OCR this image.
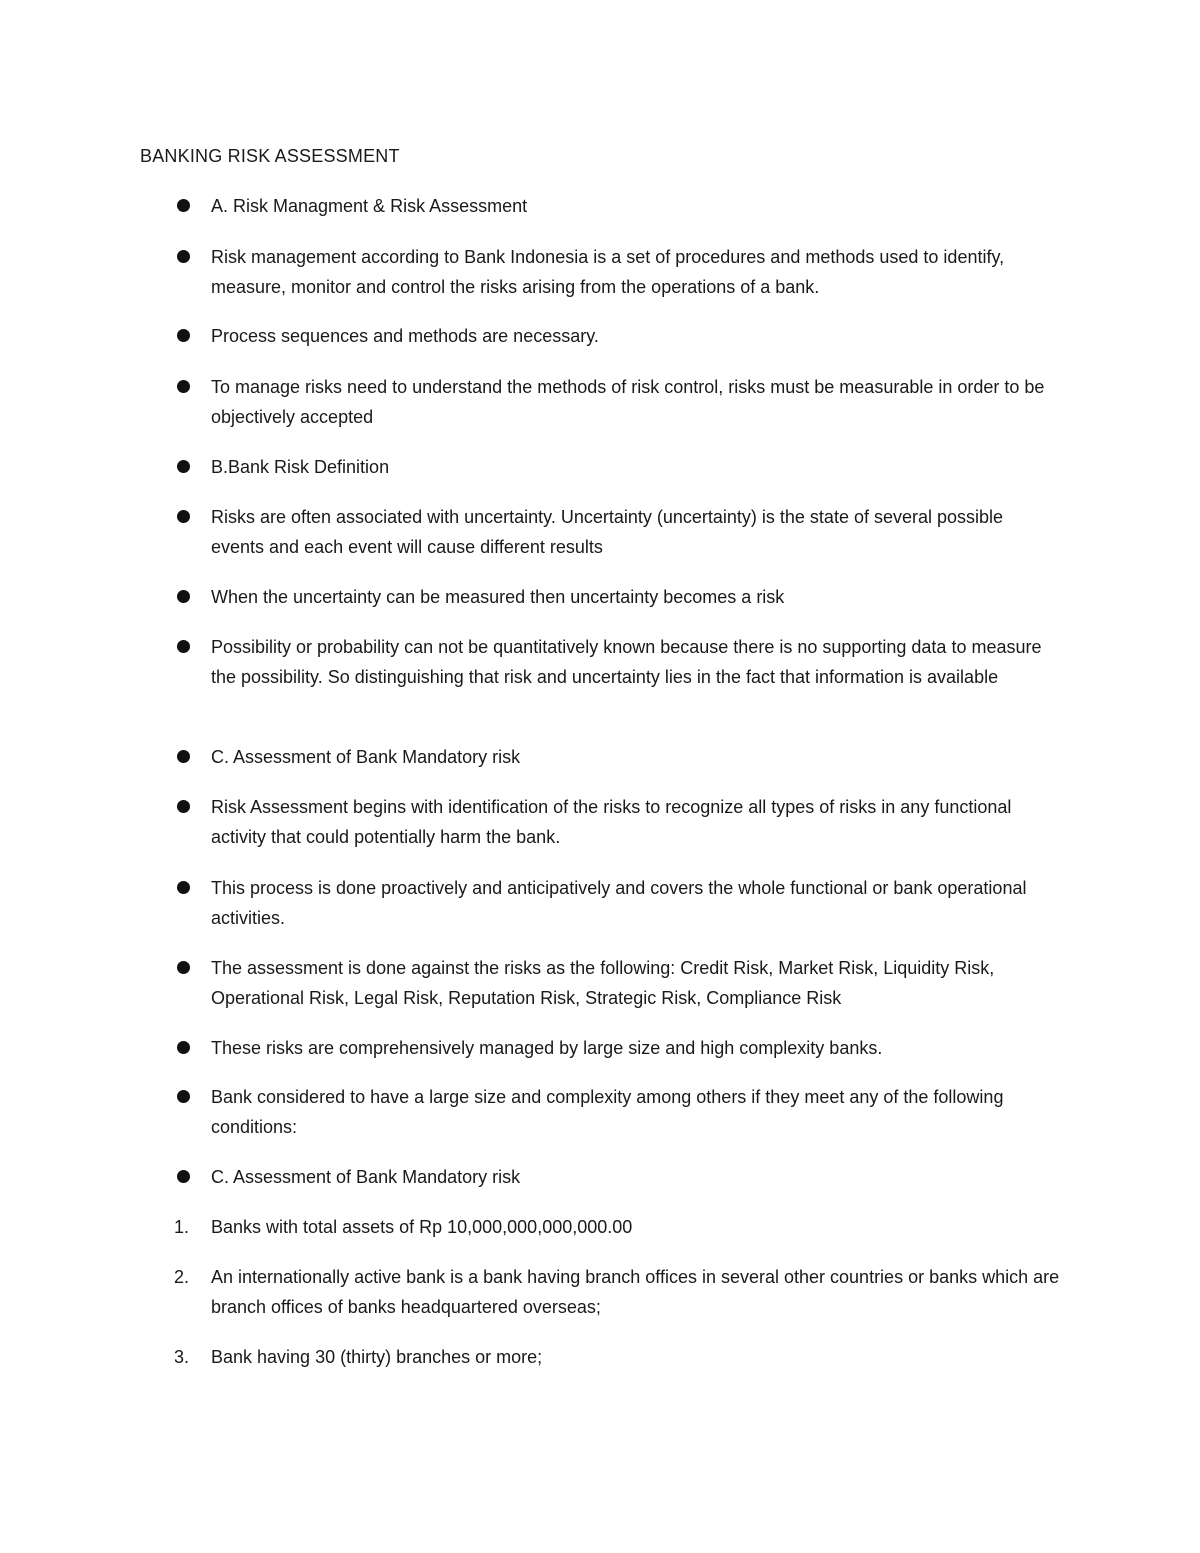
BANKING RISK ASSESSMENT
A. Risk Managment & Risk Assessment
Risk management according to Bank Indonesia is a set of procedures and methods used to identify, measure, monitor and control the risks arising from the operations of a bank.
Process sequences and methods are necessary.
To manage risks need to understand the methods of risk control, risks must be measurable in order to be objectively accepted
B.Bank Risk Definition
Risks are often associated with uncertainty. Uncertainty (uncertainty) is the state of several possible events and each event will cause different results
When the uncertainty can be measured then uncertainty becomes a risk
Possibility or probability can not be quantitatively known because there is no supporting data to measure the possibility. So distinguishing that risk and uncertainty lies in the fact that information is available
C. Assessment of Bank Mandatory risk
Risk Assessment begins with identification of the risks to recognize all types of risks in any functional activity that could potentially harm the bank.
This process is done proactively and anticipatively and covers the whole functional or bank operational activities.
The assessment is done against the risks as the following: Credit Risk, Market Risk, Liquidity Risk, Operational Risk, Legal Risk, Reputation Risk, Strategic Risk, Compliance Risk
These risks are comprehensively managed by large size and high complexity banks.
Bank considered to have a large size and complexity among others if they meet any of the following conditions:
C. Assessment of Bank Mandatory risk
1. Banks with total assets of Rp 10,000,000,000,000.00
2. An internationally active bank is a bank having branch offices in several other countries or banks which are branch offices of banks headquartered overseas;
3. Bank having 30 (thirty) branches or more;
